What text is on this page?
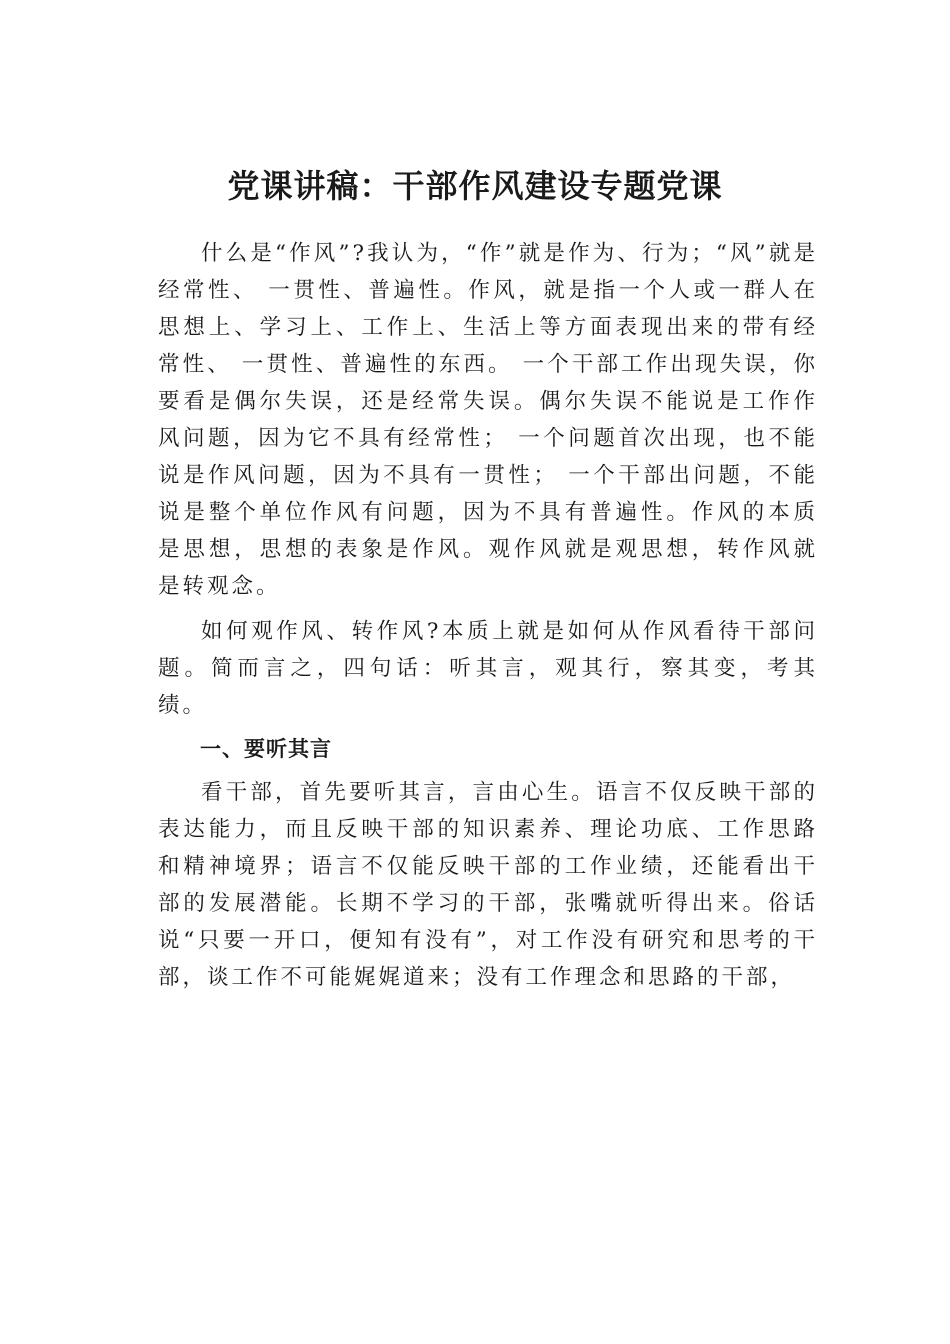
党课讲稿：干部作风建设专题党课

什么是“作风”?我认为，“作”就是作为、行为；“风”就是经常性、 一贯性、普遍性。作风，就是指一个人或一群人在思想上、学习上、工作上、生活上等方面表现出来的带有经常性、 一贯性、普遍性的东西。 一个干部工作出现失误，你要看是偶尔失误，还是经常失误。偶尔失误不能说是工作作风问题，因为它不具有经常性； 一个问题首次出现，也不能说是作风问题，因为不具有一贯性； 一个干部出问题，不能说是整个单位作风有问题，因为不具有普遍性。作风的本质是思想，思想的表象是作风。观作风就是观思想，转作风就是转观念。

如何观作风、转作风?本质上就是如何从作风看待干部问题。简而言之，四句话：听其言，观其行，察其变，考其绩。

一、要听其言

看干部，首先要听其言，言由心生。语言不仅反映干部的表达能力，而且反映干部的知识素养、理论功底、工作思路和精神境界；语言不仅能反映干部的工作业绩，还能看出干部的发展潜能。长期不学习的干部，张嘴就听得出来。俗话说“只要一开口，便知有没有”，对工作没有研究和思考的干部，谈工作不可能娓娓道来；没有工作理念和思路的干部，
